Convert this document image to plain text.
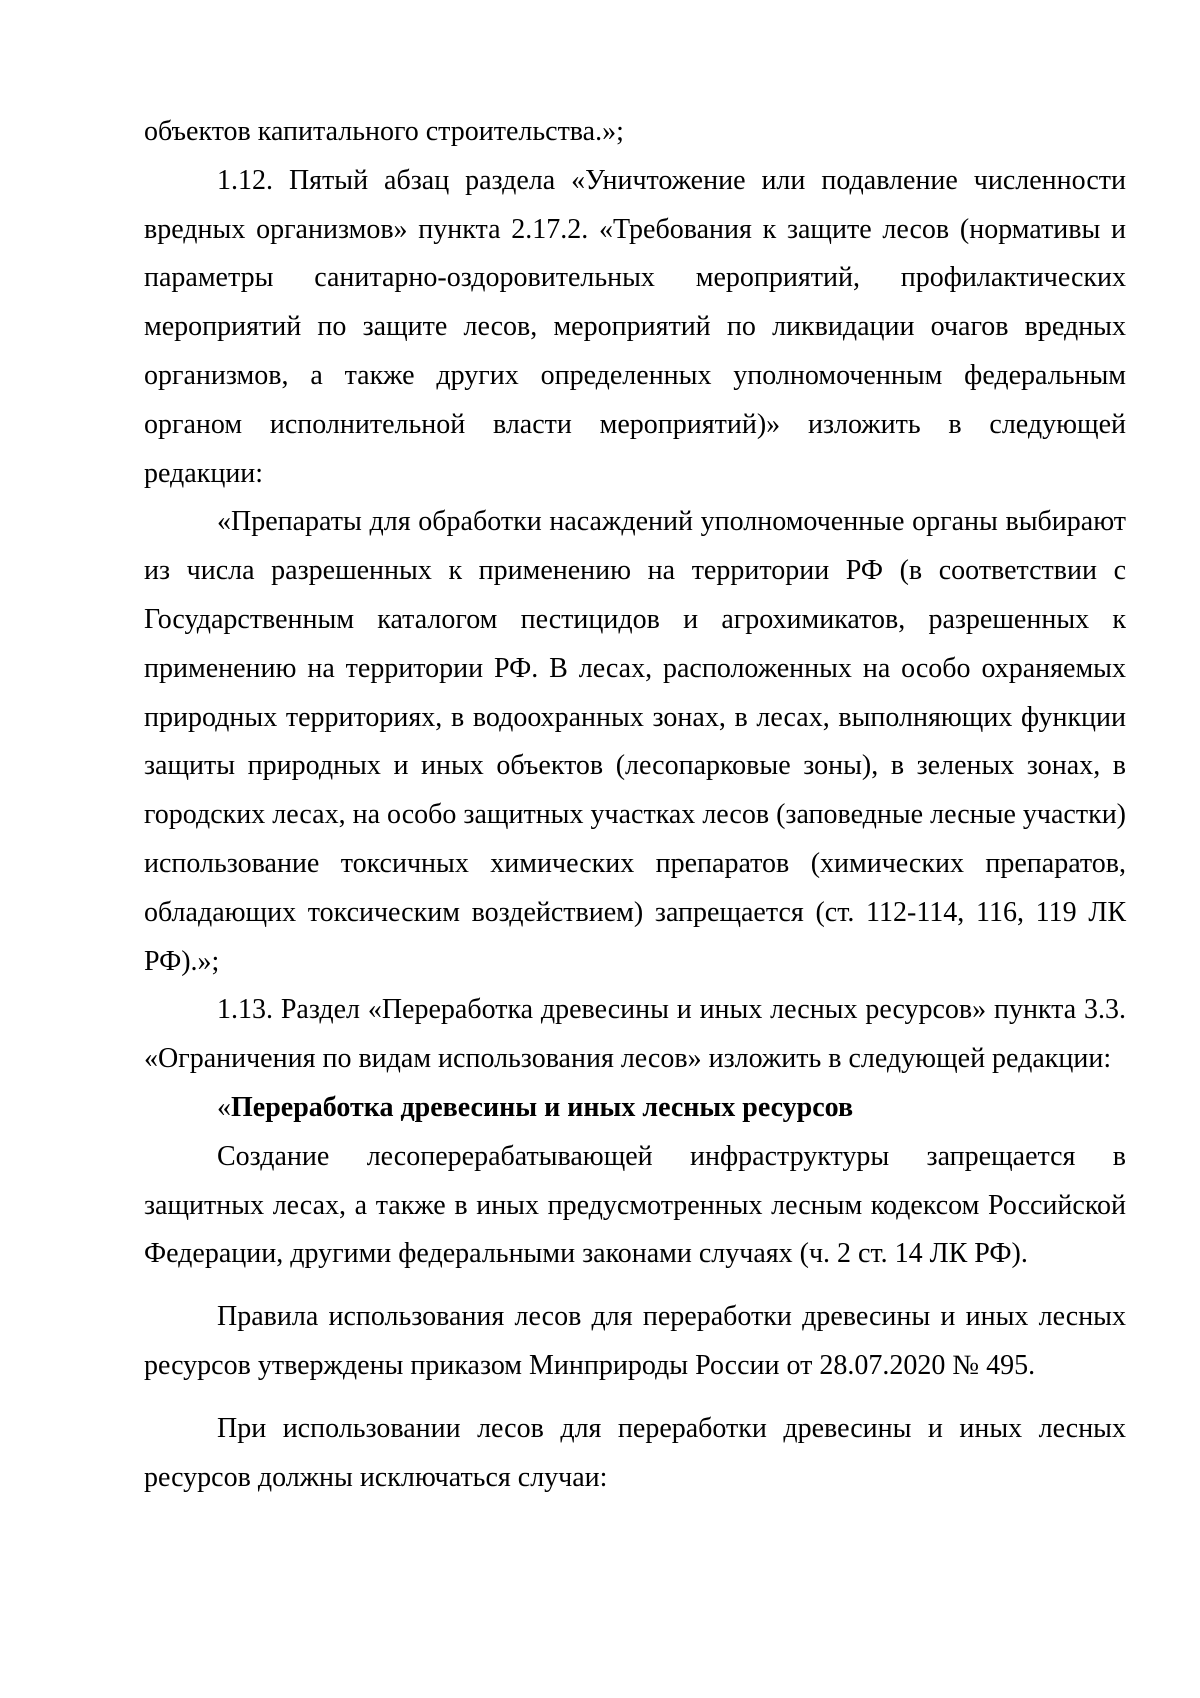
объектов капитального строительства.»;

1.12. Пятый абзац раздела «Уничтожение или подавление численности вредных организмов» пункта 2.17.2. «Требования к защите лесов (нормативы и параметры санитарно-оздоровительных мероприятий, профилактических мероприятий по защите лесов, мероприятий по ликвидации очагов вредных организмов, а также других определенных уполномоченным федеральным органом исполнительной власти мероприятий)» изложить в следующей редакции:

«Препараты для обработки насаждений уполномоченные органы выбирают из числа разрешенных к применению на территории РФ (в соответствии с Государственным каталогом пестицидов и агрохимикатов, разрешенных к применению на территории РФ. В лесах, расположенных на особо охраняемых природных территориях, в водоохранных зонах, в лесах, выполняющих функции защиты природных и иных объектов (лесопарковые зоны), в зеленых зонах, в городских лесах, на особо защитных участках лесов (заповедные лесные участки) использование токсичных химических препаратов (химических препаратов, обладающих токсическим воздействием) запрещается (ст. 112-114, 116, 119 ЛК РФ).»;

1.13. Раздел «Переработка древесины и иных лесных ресурсов» пункта 3.3. «Ограничения по видам использования лесов» изложить в следующей редакции:

«Переработка древесины и иных лесных ресурсов

Создание лесоперерабатывающей инфраструктуры запрещается в защитных лесах, а также в иных предусмотренных лесным кодексом Российской Федерации, другими федеральными законами случаях (ч. 2 ст. 14 ЛК РФ).

Правила использования лесов для переработки древесины и иных лесных ресурсов утверждены приказом Минприроды России от 28.07.2020 № 495.

При использовании лесов для переработки древесины и иных лесных ресурсов должны исключаться случаи:
